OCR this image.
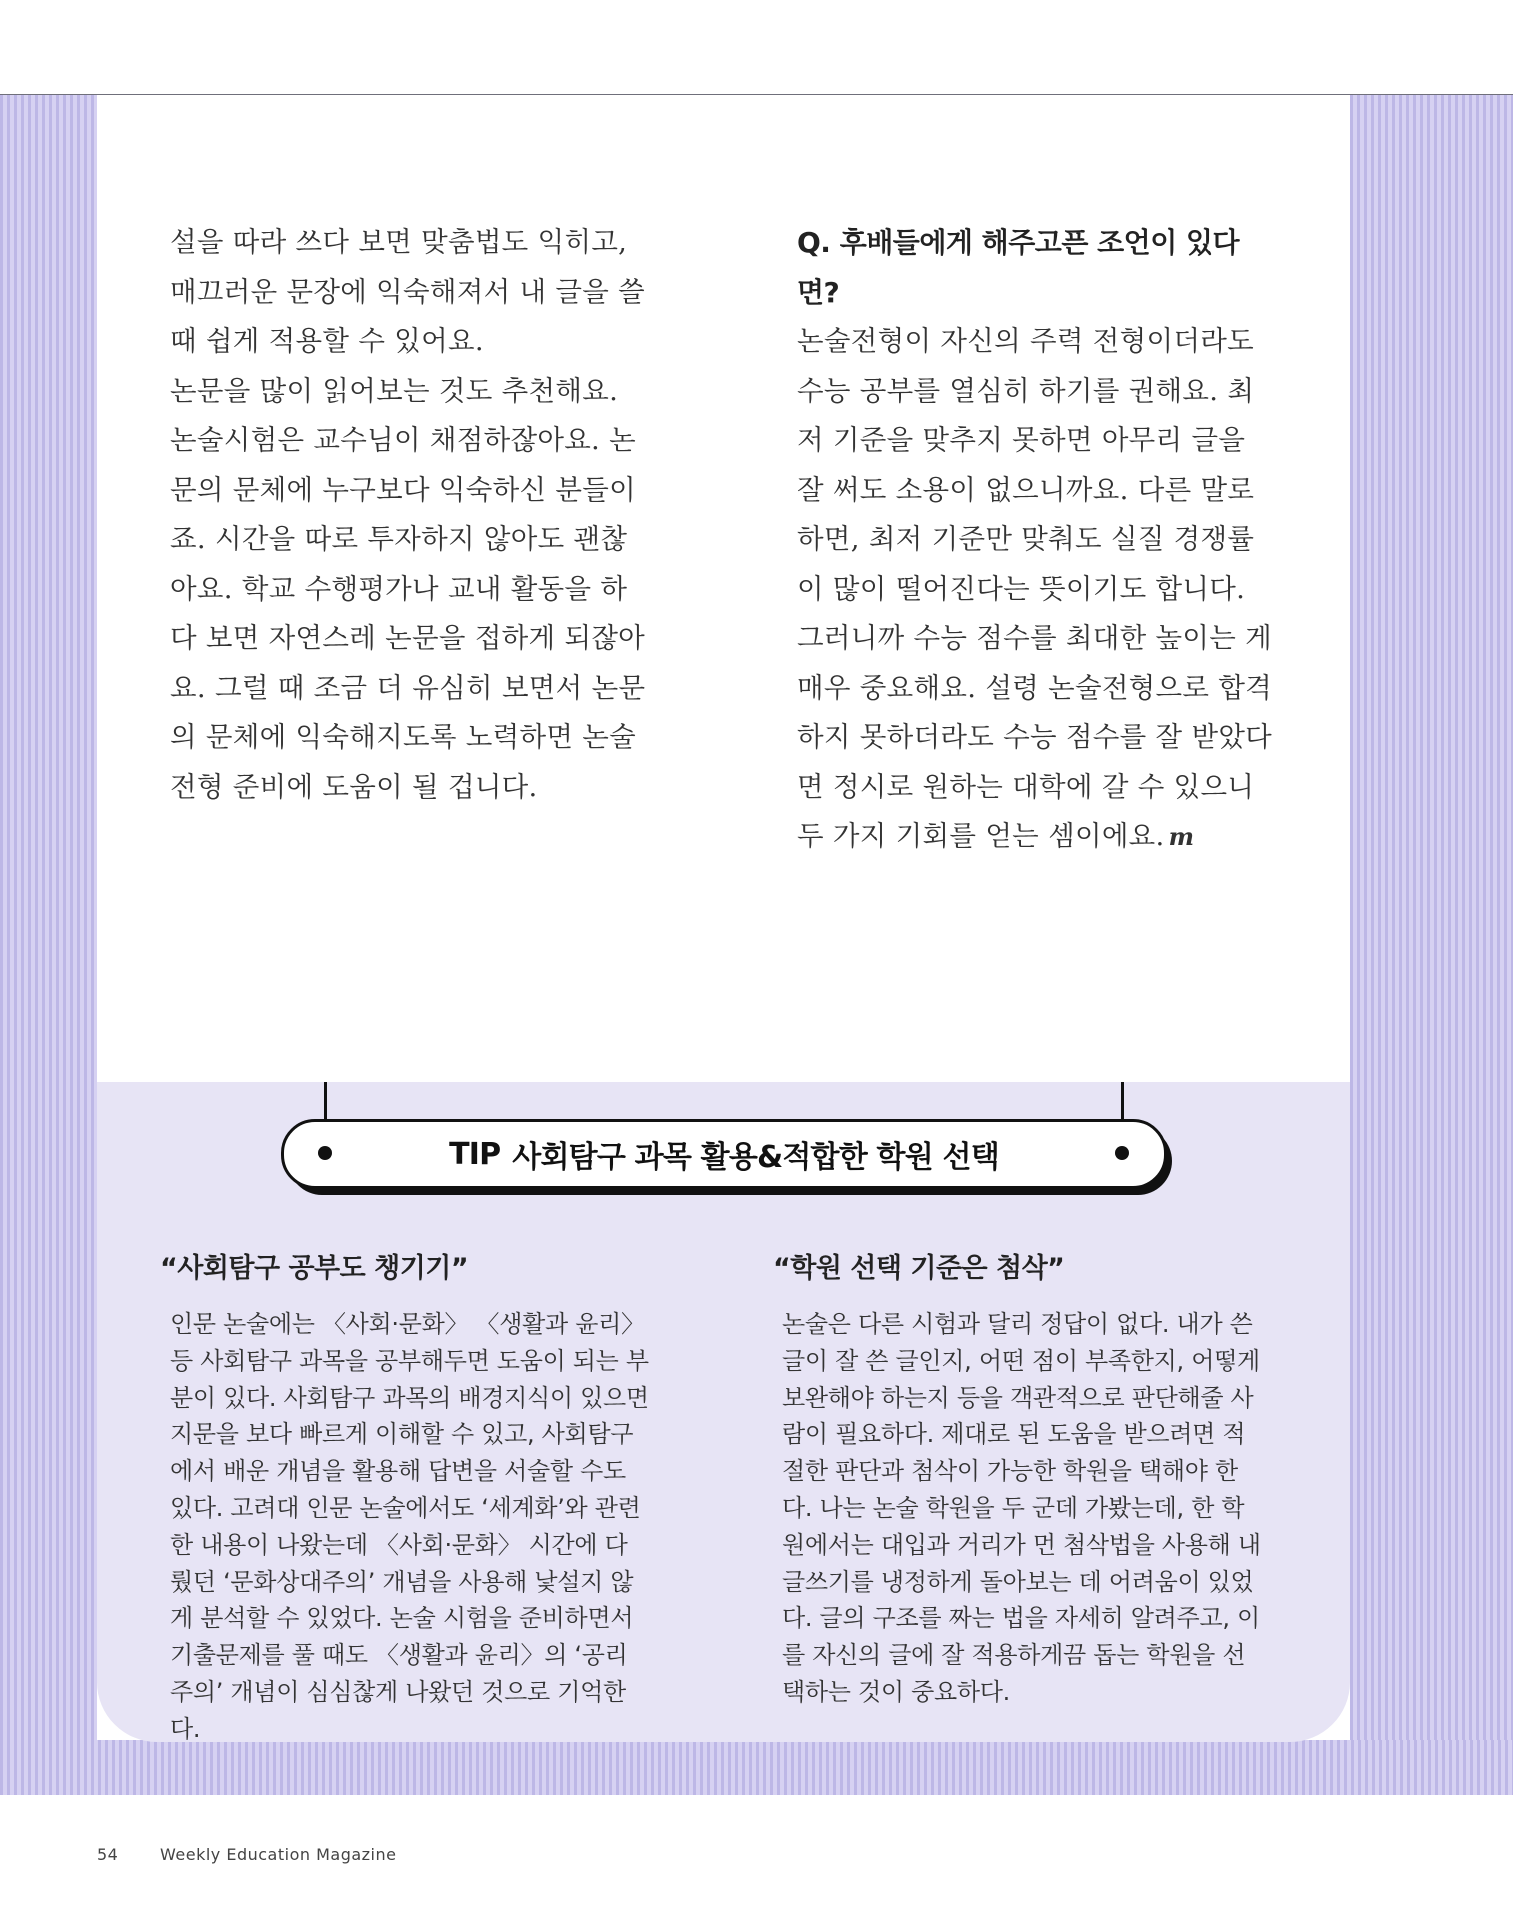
설을 따라 쓰다 보면 맞춤법도 익히고, 매끄러운 문장에 익숙해져서 내 글을 쓸 때 쉽게 적용할 수 있어요.
논문을 많이 읽어보는 것도 추천해요. 논술시험은 교수님이 채점하잖아요. 논문의 문체에 누구보다 익숙하신 분들이죠. 시간을 따로 투자하지 않아도 괜찮아요. 학교 수행평가나 교내 활동을 하다 보면 자연스레 논문을 접하게 되잖아요. 그럴 때 조금 더 유심히 보면서 논문의 문체에 익숙해지도록 노력하면 논술전형 준비에 도움이 될 겁니다.
Q. 후배들에게 해주고픈 조언이 있다면?
논술전형이 자신의 주력 전형이더라도 수능 공부를 열심히 하기를 권해요. 최저 기준을 맞추지 못하면 아무리 글을 잘 써도 소용이 없으니까요. 다른 말로 하면, 최저 기준만 맞춰도 실질 경쟁률이 많이 떨어진다는 뜻이기도 합니다. 그러니까 수능 점수를 최대한 높이는 게 매우 중요해요. 설령 논술전형으로 합격하지 못하더라도 수능 점수를 잘 받았다면 정시로 원하는 대학에 갈 수 있으니 두 가지 기회를 얻는 셈이에요. m
TIP 사회탐구 과목 활용&적합한 학원 선택
“사회탐구 공부도 챙기기”	“학원 선택 기준은 첨삭”
인문 논술에는 〈사회·문화〉 〈생활과 윤리〉 등 사회탐구 과목을 공부해두면 도움이 되는 부분이 있다. 사회탐구 과목의 배경지식이 있으면 지문을 보다 빠르게 이해할 수 있고, 사회탐구에서 배운 개념을 활용해 답변을 서술할 수도 있다. 고려대 인문 논술에서도 ‘세계화’와 관련한 내용이 나왔는데 〈사회·문화〉 시간에 다뤘던 ‘문화상대주의’ 개념을 사용해 낯설지 않게 분석할 수 있었다. 논술 시험을 준비하면서 기출문제를 풀 때도 〈생활과 윤리〉의 ‘공리주의’ 개념이 심심찮게 나왔던 것으로 기억한다.
논술은 다른 시험과 달리 정답이 없다. 내가 쓴 글이 잘 쓴 글인지, 어떤 점이 부족한지, 어떻게 보완해야 하는지 등을 객관적으로 판단해줄 사람이 필요하다. 제대로 된 도움을 받으려면 적절한 판단과 첨삭이 가능한 학원을 택해야 한다. 나는 논술 학원을 두 군데 가봤는데, 한 학원에서는 대입과 거리가 먼 첨삭법을 사용해 내 글쓰기를 냉정하게 돌아보는 데 어려움이 있었다. 글의 구조를 짜는 법을 자세히 알려주고, 이를 자신의 글에 잘 적용하게끔 돕는 학원을 선택하는 것이 중요하다.
54	Weekly Education Magazine
